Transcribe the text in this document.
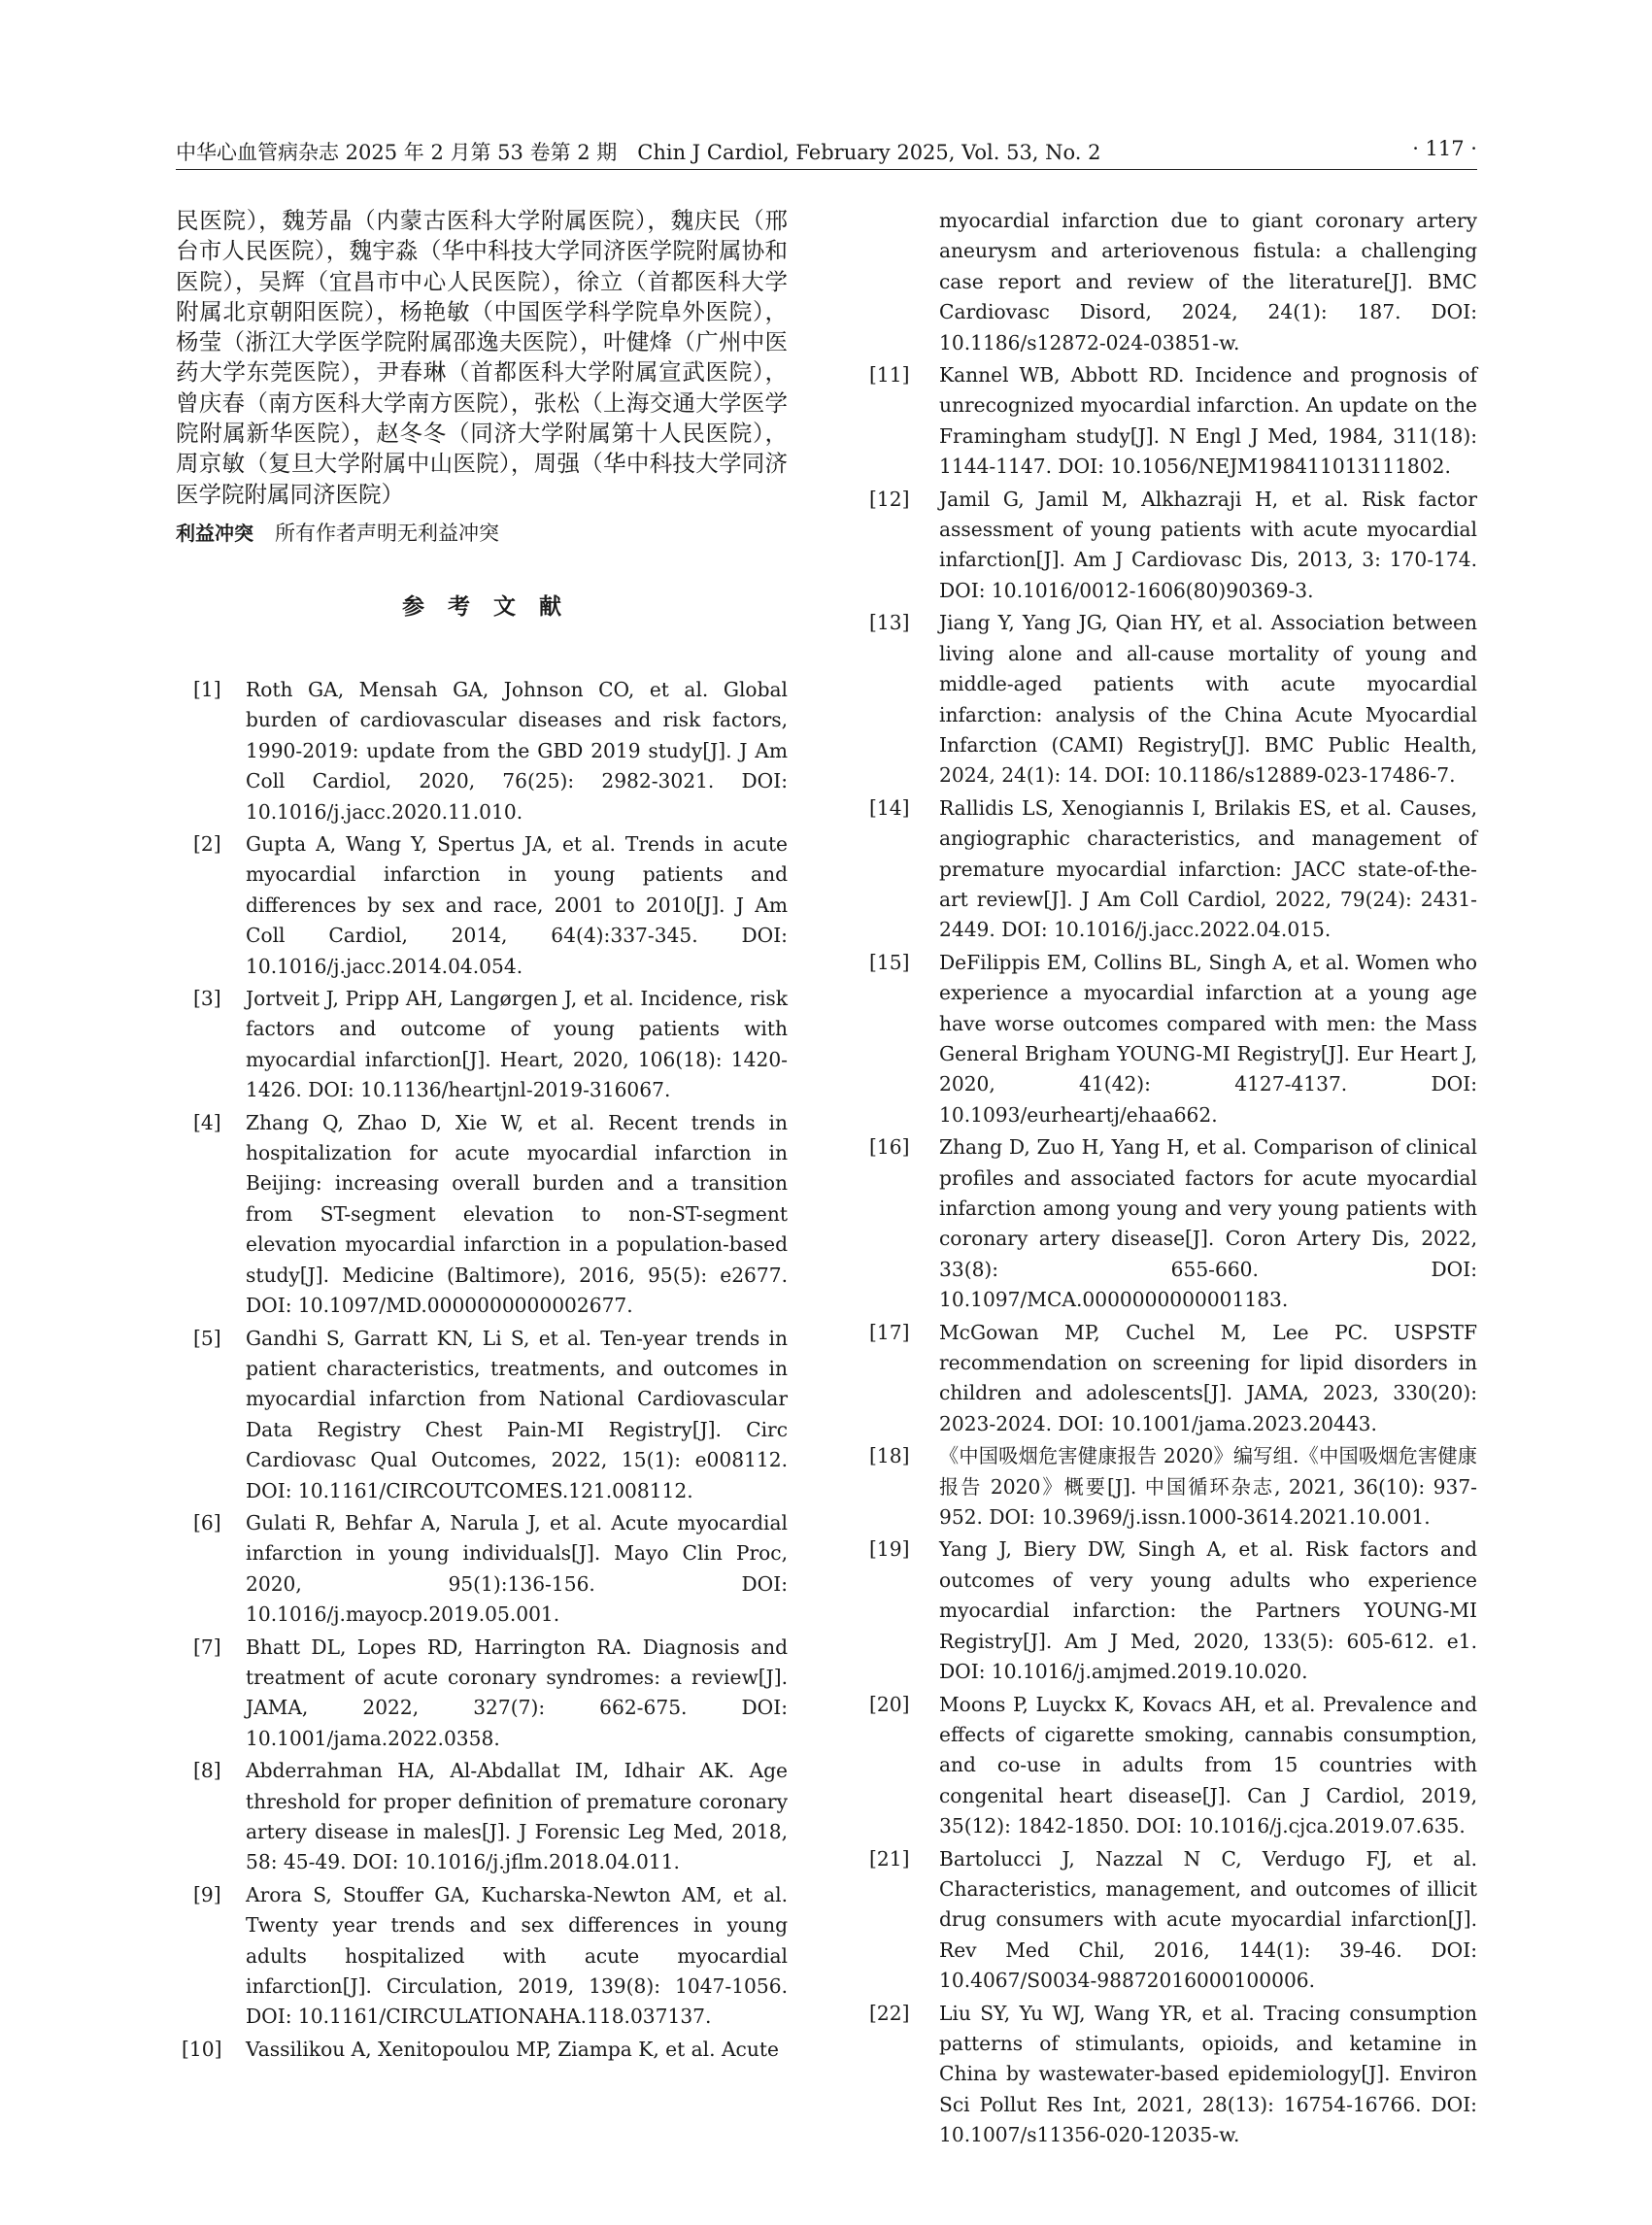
中华心血管病杂志 2025 年 2 月第 53 卷第 2 期　Chin J Cardiol, February 2025, Vol. 53, No. 2	· 117 ·

民医院），魏芳晶（内蒙古医科大学附属医院），魏庆民（邢台市人民医院），魏宇淼（华中科技大学同济医学院附属协和医院），吴辉（宜昌市中心人民医院），徐立（首都医科大学附属北京朝阳医院），杨艳敏（中国医学科学院阜外医院），杨莹（浙江大学医学院附属邵逸夫医院），叶健烽（广州中医药大学东莞医院），尹春琳（首都医科大学附属宣武医院），曾庆春（南方医科大学南方医院），张松（上海交通大学医学院附属新华医院），赵冬冬（同济大学附属第十人民医院），周京敏（复旦大学附属中山医院），周强（华中科技大学同济医学院附属同济医院）

利益冲突 所有作者声明无利益冲突
参考文献
[1] Roth GA, Mensah GA, Johnson CO, et al. Global burden of cardiovascular diseases and risk factors, 1990-2019: update from the GBD 2019 study[J]. J Am Coll Cardiol, 2020, 76(25): 2982-3021. DOI: 10.1016/j.jacc.2020.11.010.
[2] Gupta A, Wang Y, Spertus JA, et al. Trends in acute myocardial infarction in young patients and differences by sex and race, 2001 to 2010[J]. J Am Coll Cardiol, 2014, 64(4):337-345. DOI: 10.1016/j.jacc.2014.04.054.
[3] Jortveit J, Pripp AH, Langørgen J, et al. Incidence, risk factors and outcome of young patients with myocardial infarction[J]. Heart, 2020, 106(18): 1420-1426. DOI: 10.1136/heartjnl-2019-316067.
[4] Zhang Q, Zhao D, Xie W, et al. Recent trends in hospitalization for acute myocardial infarction in Beijing: increasing overall burden and a transition from ST-segment elevation to non-ST-segment elevation myocardial infarction in a population-based study[J]. Medicine (Baltimore), 2016, 95(5): e2677. DOI: 10.1097/MD.0000000000002677.
[5] Gandhi S, Garratt KN, Li S, et al. Ten-year trends in patient characteristics, treatments, and outcomes in myocardial infarction from National Cardiovascular Data Registry Chest Pain-MI Registry[J]. Circ Cardiovasc Qual Outcomes, 2022, 15(1): e008112. DOI: 10.1161/CIRCOUTCOMES.121.008112.
[6] Gulati R, Behfar A, Narula J, et al. Acute myocardial infarction in young individuals[J]. Mayo Clin Proc, 2020, 95(1):136-156. DOI: 10.1016/j.mayocp.2019.05.001.
[7] Bhatt DL, Lopes RD, Harrington RA. Diagnosis and treatment of acute coronary syndromes: a review[J]. JAMA, 2022, 327(7): 662-675. DOI: 10.1001/jama.2022.0358.
[8] Abderrahman HA, Al-Abdallat IM, Idhair AK. Age threshold for proper definition of premature coronary artery disease in males[J]. J Forensic Leg Med, 2018, 58: 45-49. DOI: 10.1016/j.jflm.2018.04.011.
[9] Arora S, Stouffer GA, Kucharska-Newton AM, et al. Twenty year trends and sex differences in young adults hospitalized with acute myocardial infarction[J]. Circulation, 2019, 139(8): 1047-1056. DOI: 10.1161/CIRCULATIONAHA.118.037137.
[10] Vassilikou A, Xenitopoulou MP, Ziampa K, et al. Acute
myocardial infarction due to giant coronary artery aneurysm and arteriovenous fistula: a challenging case report and review of the literature[J]. BMC Cardiovasc Disord, 2024, 24(1): 187. DOI: 10.1186/s12872-024-03851-w.
[11] Kannel WB, Abbott RD. Incidence and prognosis of unrecognized myocardial infarction. An update on the Framingham study[J]. N Engl J Med, 1984, 311(18): 1144-1147. DOI: 10.1056/NEJM198411013111802.
[12] Jamil G, Jamil M, Alkhazraji H, et al. Risk factor assessment of young patients with acute myocardial infarction[J]. Am J Cardiovasc Dis, 2013, 3: 170-174. DOI: 10.1016/0012-1606(80)90369-3.
[13] Jiang Y, Yang JG, Qian HY, et al. Association between living alone and all-cause mortality of young and middle-aged patients with acute myocardial infarction: analysis of the China Acute Myocardial Infarction (CAMI) Registry[J]. BMC Public Health, 2024, 24(1): 14. DOI: 10.1186/s12889-023-17486-7.
[14] Rallidis LS, Xenogiannis I, Brilakis ES, et al. Causes, angiographic characteristics, and management of premature myocardial infarction: JACC state-of-the-art review[J]. J Am Coll Cardiol, 2022, 79(24): 2431-2449. DOI: 10.1016/j.jacc.2022.04.015.
[15] DeFilippis EM, Collins BL, Singh A, et al. Women who experience a myocardial infarction at a young age have worse outcomes compared with men: the Mass General Brigham YOUNG-MI Registry[J]. Eur Heart J, 2020, 41(42): 4127-4137. DOI: 10.1093/eurheartj/ehaa662.
[16] Zhang D, Zuo H, Yang H, et al. Comparison of clinical profiles and associated factors for acute myocardial infarction among young and very young patients with coronary artery disease[J]. Coron Artery Dis, 2022, 33(8): 655-660. DOI: 10.1097/MCA.0000000000001183.
[17] McGowan MP, Cuchel M, Lee PC. USPSTF recommendation on screening for lipid disorders in children and adolescents[J]. JAMA, 2023, 330(20): 2023-2024. DOI: 10.1001/jama.2023.20443.
[18] 《中国吸烟危害健康报告 2020》编写组.《中国吸烟危害健康报告 2020》概要[J]. 中国循环杂志, 2021, 36(10): 937-952. DOI: 10.3969/j.issn.1000-3614.2021.10.001.
[19] Yang J, Biery DW, Singh A, et al. Risk factors and outcomes of very young adults who experience myocardial infarction: the Partners YOUNG-MI Registry[J]. Am J Med, 2020, 133(5): 605-612. e1. DOI: 10.1016/j.amjmed.2019.10.020.
[20] Moons P, Luyckx K, Kovacs AH, et al. Prevalence and effects of cigarette smoking, cannabis consumption, and co-use in adults from 15 countries with congenital heart disease[J]. Can J Cardiol, 2019, 35(12): 1842-1850. DOI: 10.1016/j.cjca.2019.07.635.
[21] Bartolucci J, Nazzal N C, Verdugo FJ, et al. Characteristics, management, and outcomes of illicit drug consumers with acute myocardial infarction[J]. Rev Med Chil, 2016, 144(1): 39-46. DOI: 10.4067/S0034-98872016000100006.
[22] Liu SY, Yu WJ, Wang YR, et al. Tracing consumption patterns of stimulants, opioids, and ketamine in China by wastewater-based epidemiology[J]. Environ Sci Pollut Res Int, 2021, 28(13): 16754-16766. DOI: 10.1007/s11356-020-12035-w.
